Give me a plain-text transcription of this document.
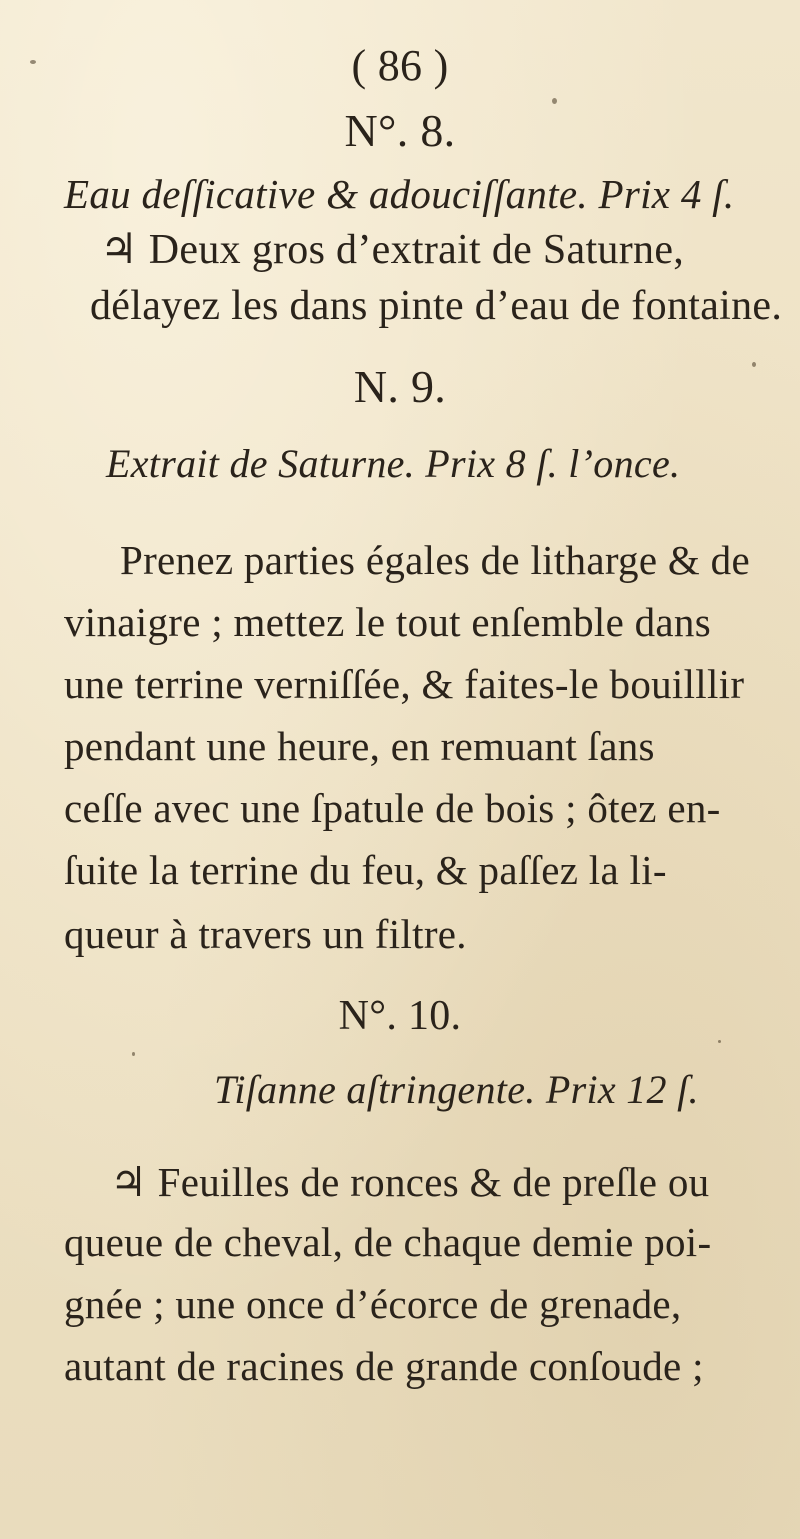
( 86 )
N°. 8.
Eau deſſicative & adouciſſante. Prix 4 ſ.
♃ Deux gros d’extrait de Saturne,
délayez les dans pinte d’eau de fontaine.
N. 9.
Extrait de Saturne. Prix 8 ſ. l’once.
Prenez parties égales de litharge & de
vinaigre ; mettez le tout enſemble dans
une terrine verniſſée, & faites-le bouilllir
pendant une heure, en remuant ſans
ceſſe avec une ſpatule de bois ; ôtez en-
ſuite la terrine du feu, & paſſez la li-
queur à travers un filtre.
N°. 10.
Tiſanne aſtringente. Prix 12 ſ.
♃ Feuilles de ronces & de preſle ou
queue de cheval, de chaque demie poi-
gnée ; une once d’écorce de grenade,
autant de racines de grande conſoude ;
